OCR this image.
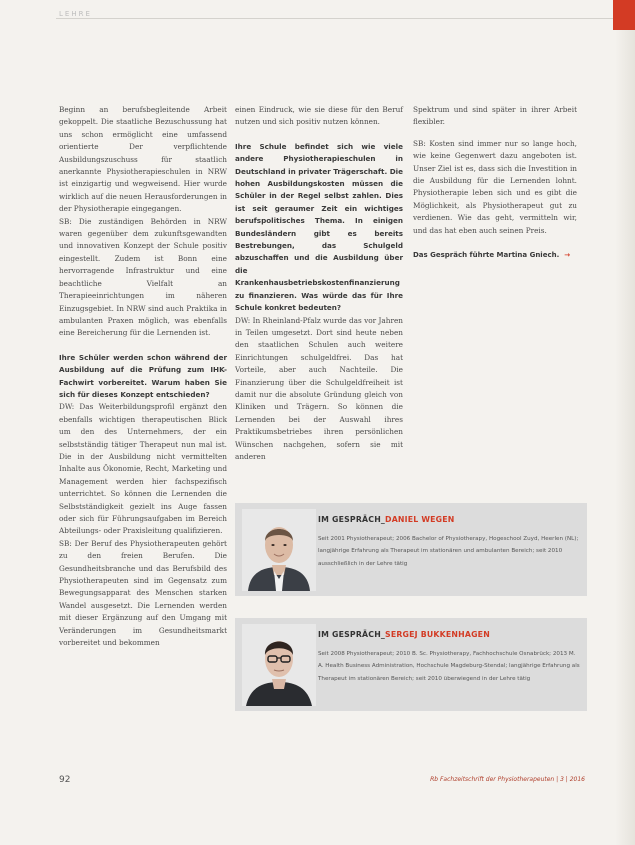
LEHRE

Beginn an berufsbegleitende Arbeit gekoppelt. Die staatliche Bezuschussung hat uns schon ermöglicht eine umfassend orientierte Der verpflichtende Ausbildungszuschuss für staatlich anerkannte Physiotherapieschulen in NRW ist einzigartig und wegweisend. Hier wurde wirklich auf die neuen Herausforderungen in der Physiotherapie eingegangen.

SB: Die zuständigen Behörden in NRW waren gegenüber dem zukunftsgewandten und innovativen Konzept der Schule positiv eingestellt. Zudem ist Bonn eine hervorragende Infrastruktur und eine beachtliche Vielfalt an Therapieeinrichtungen im näheren Einzugsgebiet. In NRW sind auch Praktika in ambulanten Praxen möglich, was ebenfalls eine Bereicherung für die Lernenden ist.

Ihre Schüler werden schon während der Ausbildung auf die Prüfung zum IHK-Fachwirt vorbereitet. Warum haben Sie sich für dieses Konzept entschieden?

DW: Das Weiterbildungsprofil ergänzt den ebenfalls wichtigen therapeutischen Blick um den des Unternehmers, der ein selbstständig tätiger Therapeut nun mal ist. Die in der Ausbildung nicht vermittelten Inhalte aus Ökonomie, Recht, Marketing und Management werden hier fachspezifisch unterrichtet. So können die Lernenden die Selbstständigkeit gezielt ins Auge fassen oder sich für Führungsaufgaben im Bereich Abteilungs- oder Praxisleitung qualifizieren.

SB: Der Beruf des Physiotherapeuten gehört zu den freien Berufen. Die Gesundheitsbranche und das Berufsbild des Physiotherapeuten sind im Gegensatz zum Bewegungsapparat des Menschen starken Wandel ausgesetzt. Die Lernenden werden mit dieser Ergänzung auf den Umgang mit Veränderungen im Gesundheitsmarkt vorbereitet und bekommen

einen Eindruck, wie sie diese für den Beruf nutzen und sich positiv nutzen können.

Ihre Schule befindet sich wie viele andere Physiotherapieschulen in Deutschland in privater Trägerschaft. Die hohen Ausbildungskosten müssen die Schüler in der Regel selbst zahlen. Dies ist seit geraumer Zeit ein wichtiges berufspolitisches Thema. In einigen Bundesländern gibt es bereits Bestrebungen, das Schulgeld abzuschaffen und die Ausbildung über die Krankenhausbetriebskostenfinanzierung zu finanzieren. Was würde das für Ihre Schule konkret bedeuten?

DW: In Rheinland-Pfalz wurde das vor Jahren in Teilen umgesetzt. Dort sind heute neben den staatlichen Schulen auch weitere Einrichtungen schulgeldfrei. Das hat Vorteile, aber auch Nachteile. Die Finanzierung über die Schulgeldfreiheit ist damit nur die absolute Gründung gleich von Kliniken und Trägern. So können die Lernenden bei der Auswahl ihres Praktikumsbetriebes ihren persönlichen Wünschen nachgehen, sofern sie mit anderen

Spektrum und sind später in ihrer Arbeit flexibler.

SB: Kosten sind immer nur so lange hoch, wie keine Gegenwert dazu angeboten ist. Unser Ziel ist es, dass sich die Investition in die Ausbildung für die Lernenden lohnt. Physiotherapie leben sich und es gibt die Möglichkeit, als Physiotherapeut gut zu verdienen. Wie das geht, vermitteln wir, und das hat eben auch seinen Preis.

Das Gespräch führte Martina Gniech. →
IM GESPRÄCH_DANIEL WEGEN
Seit 2001 Physiotherapeut; 2006 Bachelor of Physiotherapy, Hogeschool Zuyd, Heerlen (NL); langjährige Erfahrung als Therapeut im stationären und ambulanten Bereich; seit 2010 ausschließlich in der Lehre tätig
IM GESPRÄCH_SERGEJ BUKKENHAGEN
Seit 2008 Physiotherapeut; 2010 B. Sc. Physiotherapy, Fachhochschule Osnabrück; 2013 M. A. Health Business Administration, Hochschule Magdeburg-Stendal; langjährige Erfahrung als Therapeut im stationären Bereich; seit 2010 überwiegend in der Lehre tätig
92	Rb Fachzeitschrift der Physiotherapeuten | 3 | 2016
